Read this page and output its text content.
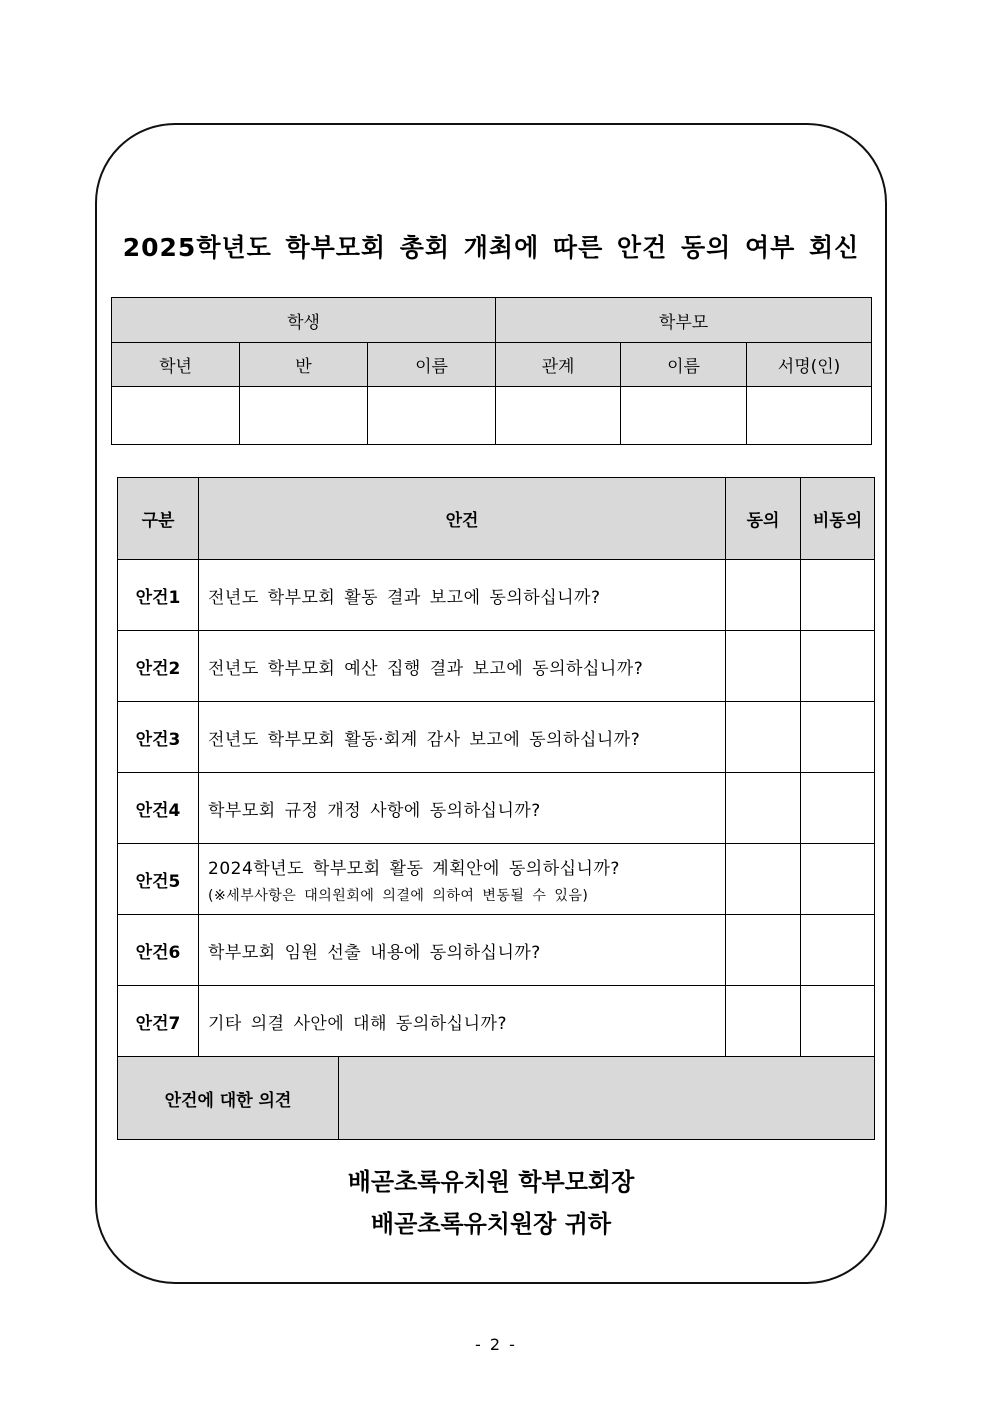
2025학년도 학부모회 총회 개최에 따른 안건 동의 여부 회신
학생			학부모		
학년	반	이름	관계	이름	서명(인)

구분	안건		동의	비동의
안건1	전년도 학부모회 활동 결과 보고에 동의하십니까?			
안건2	전년도 학부모회 예산 집행 결과 보고에 동의하십니까?			
안건3	전년도 학부모회 활동·회계 감사 보고에 동의하십니까?			
안건4	학부모회 규정 개정 사항에 동의하십니까?			
안건5	2024학년도 학부모회 활동 계획안에 동의하십니까?
(※세부사항은 대의원회에 의결에 의하여 변동될 수 있음)			

안건6	학부모회 임원 선출 내용에 동의하십니까?			
안건7	기타 의결 사안에 대해 동의하십니까?			
안건에 대한 의견				
배곧초록유치원 학부모회장
배곧초록유치원장 귀하
- 2 -
